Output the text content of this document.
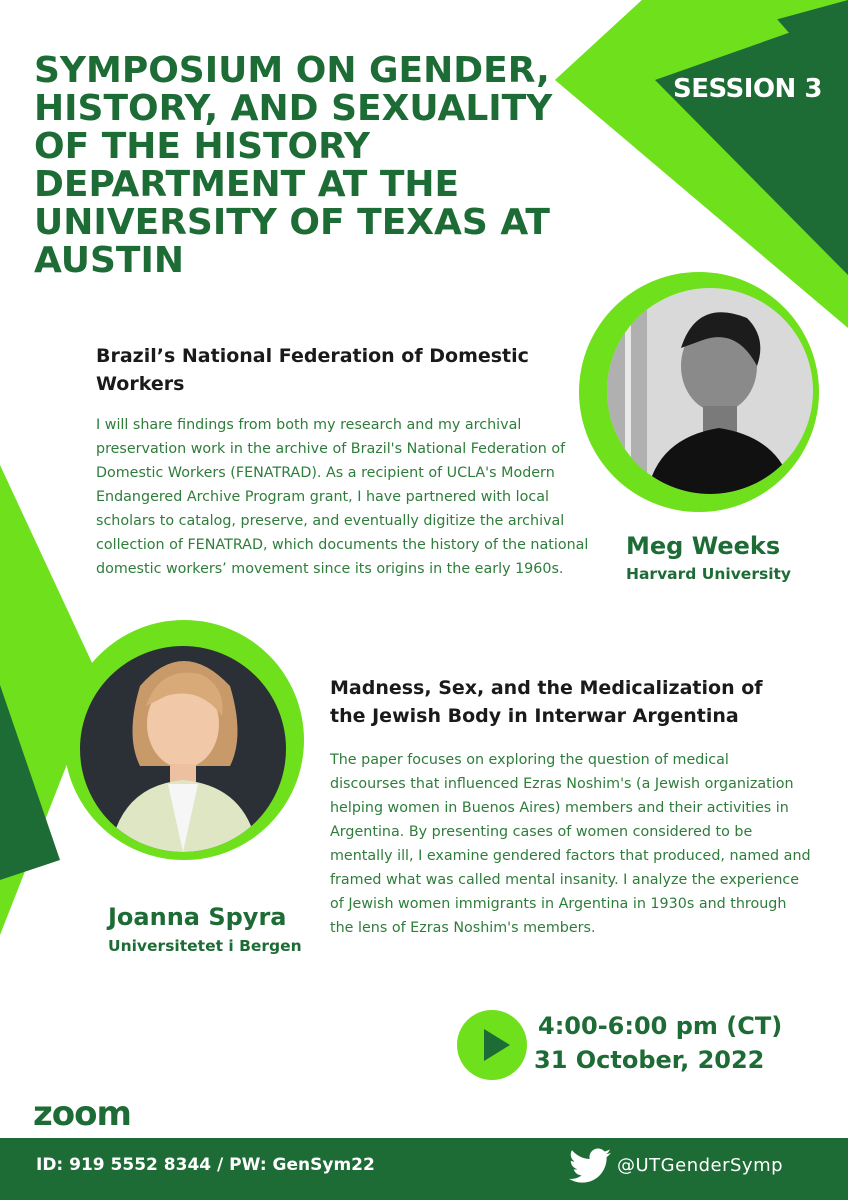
SYMPOSIUM ON GENDER,
HISTORY, AND SEXUALITY
OF THE HISTORY
DEPARTMENT AT THE
UNIVERSITY OF TEXAS AT
AUSTIN
SESSION 3
Brazil’s National Federation of Domestic
Workers
I will share findings from both my research and my archival
preservation work in the archive of Brazil's National Federation of
Domestic Workers (FENATRAD). As a recipient of UCLA's Modern
Endangered Archive Program grant, I have partnered with local
scholars to catalog, preserve, and eventually digitize the archival
collection of FENATRAD, which documents the history of the national
domestic workers’ movement since its origins in the early 1960s.
Meg Weeks
Harvard University
Madness, Sex, and the Medicalization of
the Jewish Body in Interwar Argentina
The paper focuses on exploring the question of medical
discourses that influenced Ezras Noshim's (a Jewish organization
helping women in Buenos Aires) members and their activities in
Argentina. By presenting cases of women considered to be
mentally ill, I examine gendered factors that produced, named and
framed what was called mental insanity. I analyze the experience
of Jewish women immigrants in Argentina in 1930s and through
the lens of Ezras Noshim's members.
Joanna Spyra
Universitetet i Bergen
4:00-6:00 pm (CT)
31 October, 2022
zoom
ID: 919 5552 8344 / PW: GenSym22	@UTGenderSymp
